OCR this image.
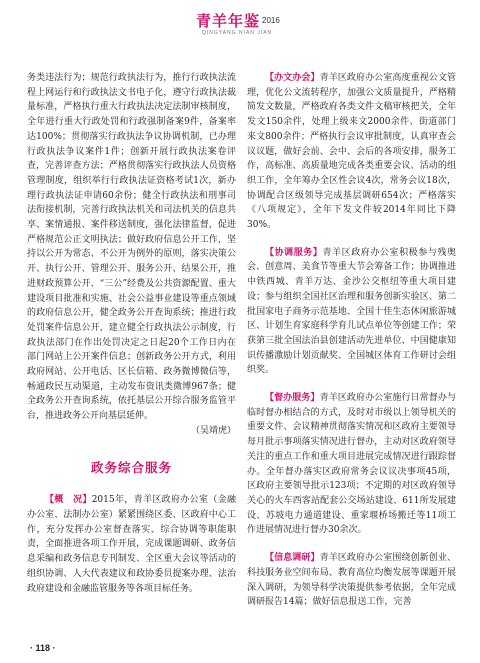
青羊年鉴 2016
QINGYANG NIAN JIAN

务类违法行为；规范行政执法行为，推行行政执法流程上网运行和行政执法文书电子化，遵守行政执法裁量标准，严格执行重大行政执法决定法制审核制度，全年进行重大行政处罚和行政强制备案9件，备案率达100%；贯彻落实行政执法争议协调机制，已办理行政执法争议案件1件；创新开展行政执法案卷评查，完善评查方法；严格贯彻落实行政执法人员资格管理制度，组织举行行政执法证资格考试1次，新办理行政执法证申请60余份；健全行政执法和刑事司法衔接机制，完善行政执法机关和司法机关的信息共享、案情通报、案件移送制度，强化法律监督，促进严格规范公正文明执法；做好政府信息公开工作，坚持以公开为常态、不公开为例外的原则，落实决策公开、执行公开、管理公开、服务公开、结果公开，推进财政预算公开、“三公”经费及公共资源配置、重大建设项目批准和实施、社会公益事业建设等重点领域的政府信息公开，健全政务公开查询系统；推进行政处罚案件信息公开，建立健全行政执法公示制度，行政执法部门在作出处罚决定之日起20个工作日内在部门网站上公开案件信息；创新政务公开方式，利用政府网站、公开电话、区长信箱、政务微博微信等，畅通政民互动渠道，主动发布资讯类微博967条；健全政务公开查询系统，依托基层公开综合服务监管平台，推进政务公开向基层延伸。

（吴靖虎）

政务综合服务

【概　况】2015年，青羊区政府办公室（金融办公室、法制办公室）紧紧围绕区委、区政府中心工作，充分发挥办公室督查落实、综合协调等职能职责，全面推进各项工作开展，完成课题调研、政务信息采编和政务信息专刊制发、全区重大会议等活动的组织协调、人大代表建议和政协委员提案办理、法治政府建设和金融监管服务等各项目标任务。

【办文办会】青羊区政府办公室高度重视公文管理，优化公文流转程序，加强公文质量提升，严格精简发文数量，严格政府各类文件文稿审核把关，全年发文150余件，处理上级来文2000余件、街道部门来文800余件；严格执行会议审批制度，认真审查会议议题，做好会前、会中、会后的各项安排，服务工作，高标准、高质量地完成各类重要会议、活动的组织工作，全年筹办全区性会议4次，常务会议18次，协调配合区级领导完成基层调研654次；严格落实《八项规定》，全年下发文件较2014年同比下降30%。

【协调服务】青羊区政府办公室积极参与残奥会、创意周、美食节等重大节会筹备工作；协调推进中铁西城、青羊万达、金沙公交枢纽等重大项目建设；参与组织全国社区治理和服务创新实验区、第二批国家电子商务示范基地、全国十佳生态休闲旅游城区、计划生育家庭科学育儿试点单位等创建工作；荣获第三批全国法治县创建活动先进单位、中国健康知识传播激励计划贡献奖、全国城区体育工作研讨会组织奖。

【督办服务】青羊区政府办公室施行日常督办与临时督办相结合的方式，及时对市级以上领导机关的重要文件、会议精神贯彻落实情况和区政府主要领导每月批示事项落实情况进行督办，主动对区政府领导关注的重点工作和重大项目进展完成情况进行跟踪督办。全年督办落实区政府常务会议议决事项45项，区政府主要领导批示123项；不定期的对区政府领导关心的火车西客站配套公交场站建设、611所发展建设、苏坡电力通道建设、重家堰桥场搬迁等11项工作进展情况进行督办30余次。

【信息调研】青羊区政府办公室围绕创新创业、科技服务业空间布局、教育高位均衡发展等课题开展深入调研，为领导科学决策提供参考依据，全年完成调研报告14篇；做好信息报送工作，完善

· 118 ·
